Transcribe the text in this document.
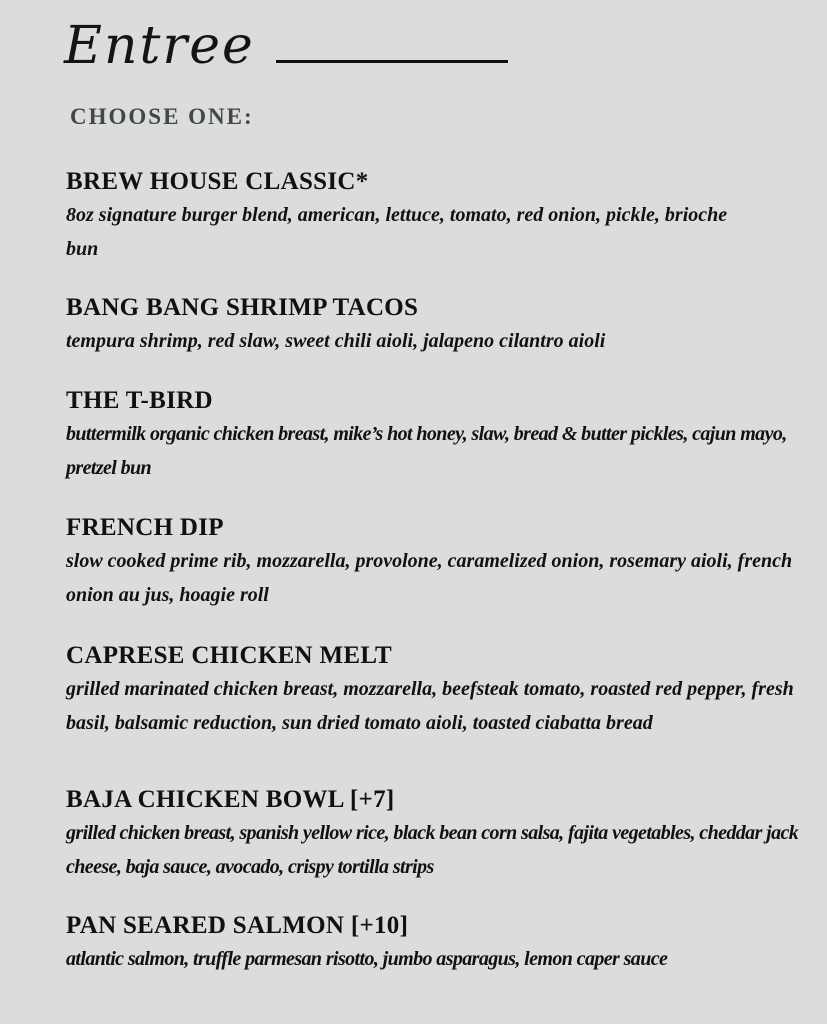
Entree
CHOOSE ONE:
BREW HOUSE CLASSIC*
8oz signature burger blend, american, lettuce, tomato, red onion, pickle, brioche bun
BANG BANG SHRIMP TACOS
tempura shrimp, red slaw, sweet chili aioli, jalapeno cilantro aioli
THE T-BIRD
buttermilk organic chicken breast, mike’s hot honey, slaw, bread & butter pickles, cajun mayo, pretzel bun
FRENCH DIP
slow cooked prime rib, mozzarella, provolone, caramelized onion, rosemary aioli, french onion au jus, hoagie roll
CAPRESE CHICKEN MELT
grilled marinated chicken breast, mozzarella, beefsteak tomato, roasted red pepper, fresh basil, balsamic reduction, sun dried tomato aioli, toasted ciabatta bread
BAJA CHICKEN BOWL [+7]
grilled chicken breast, spanish yellow rice, black bean corn salsa, fajita vegetables, cheddar jack cheese, baja sauce, avocado, crispy tortilla strips
PAN SEARED SALMON [+10]
atlantic salmon, truffle parmesan risotto, jumbo asparagus, lemon caper sauce
